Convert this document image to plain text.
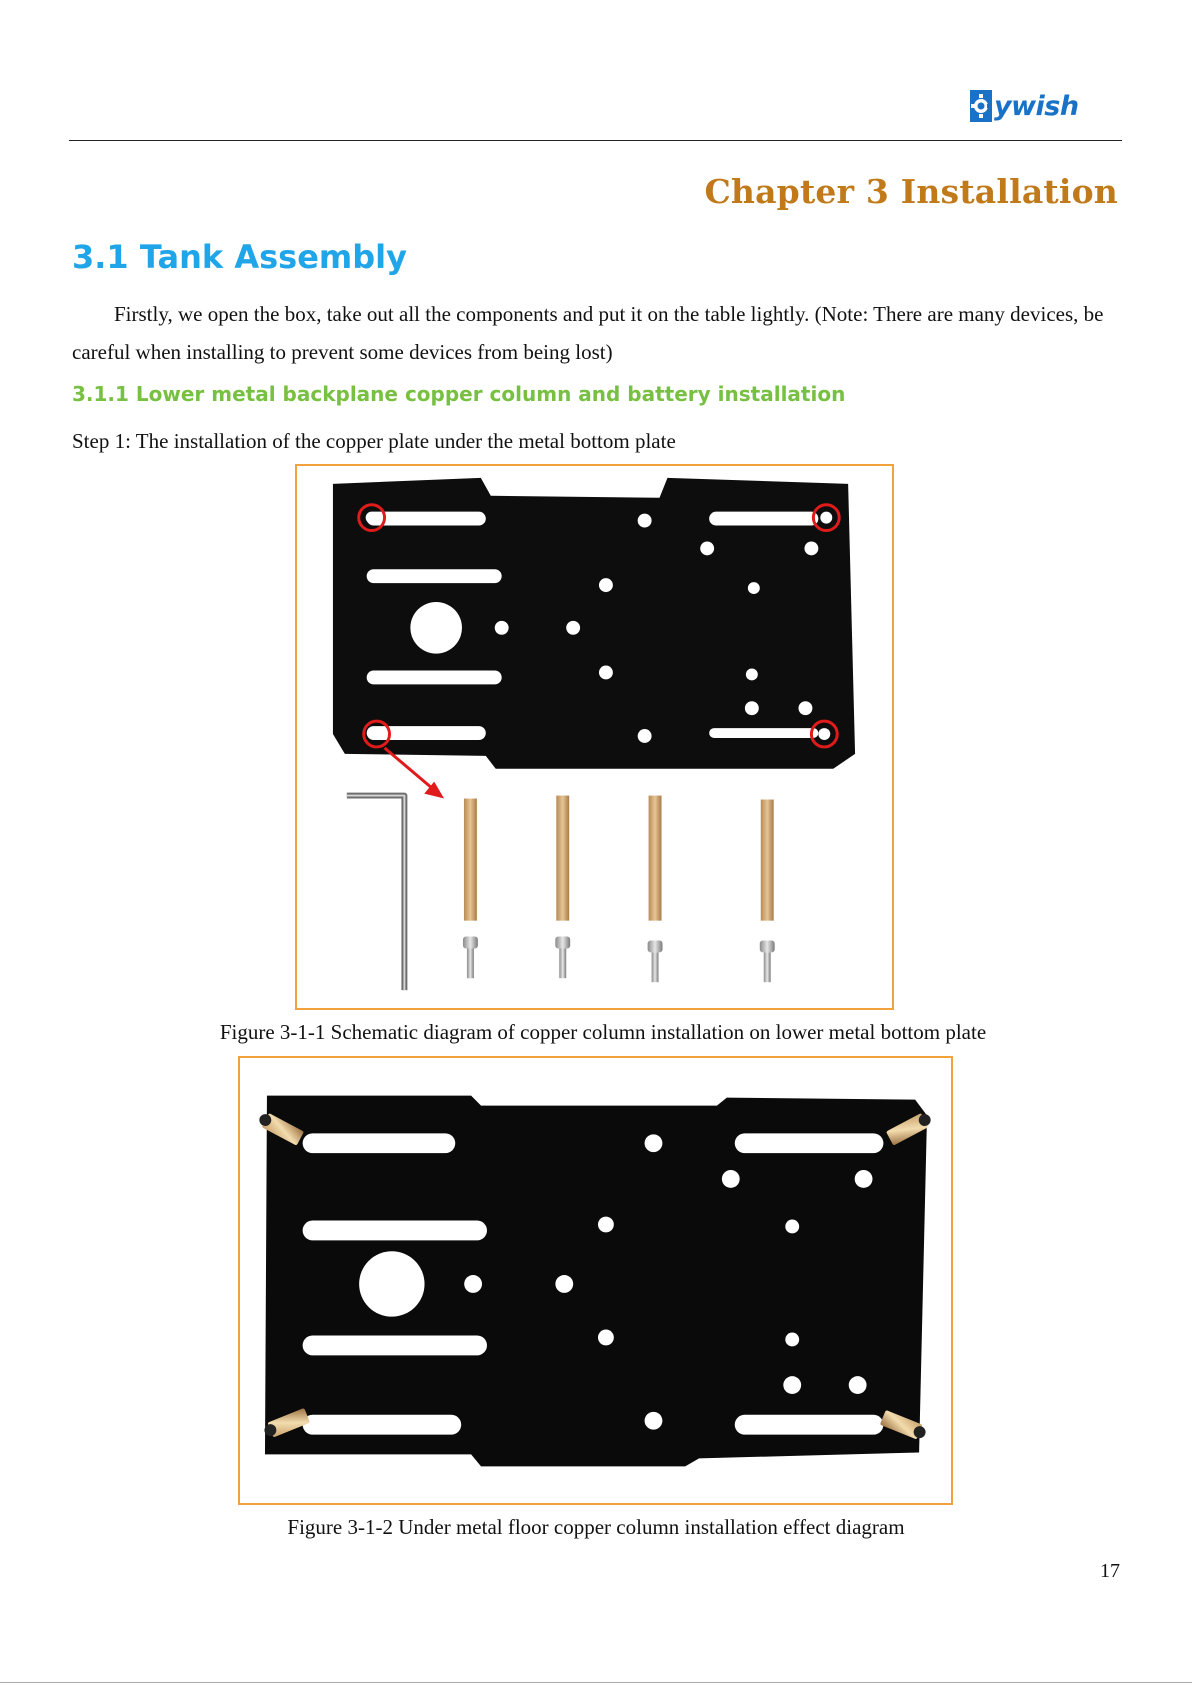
ywish
Chapter 3 Installation
3.1 Tank Assembly

Firstly, we open the box, take out all the components and put it on the table lightly. (Note: There are many devices, be careful when installing to prevent some devices from being lost)

3.1.1 Lower metal backplane copper column and battery installation

Step 1: The installation of the copper plate under the metal bottom plate

Figure 3-1-1 Schematic diagram of copper column installation on lower metal bottom plate

Figure 3-1-2 Under metal floor copper column installation effect diagram

17
